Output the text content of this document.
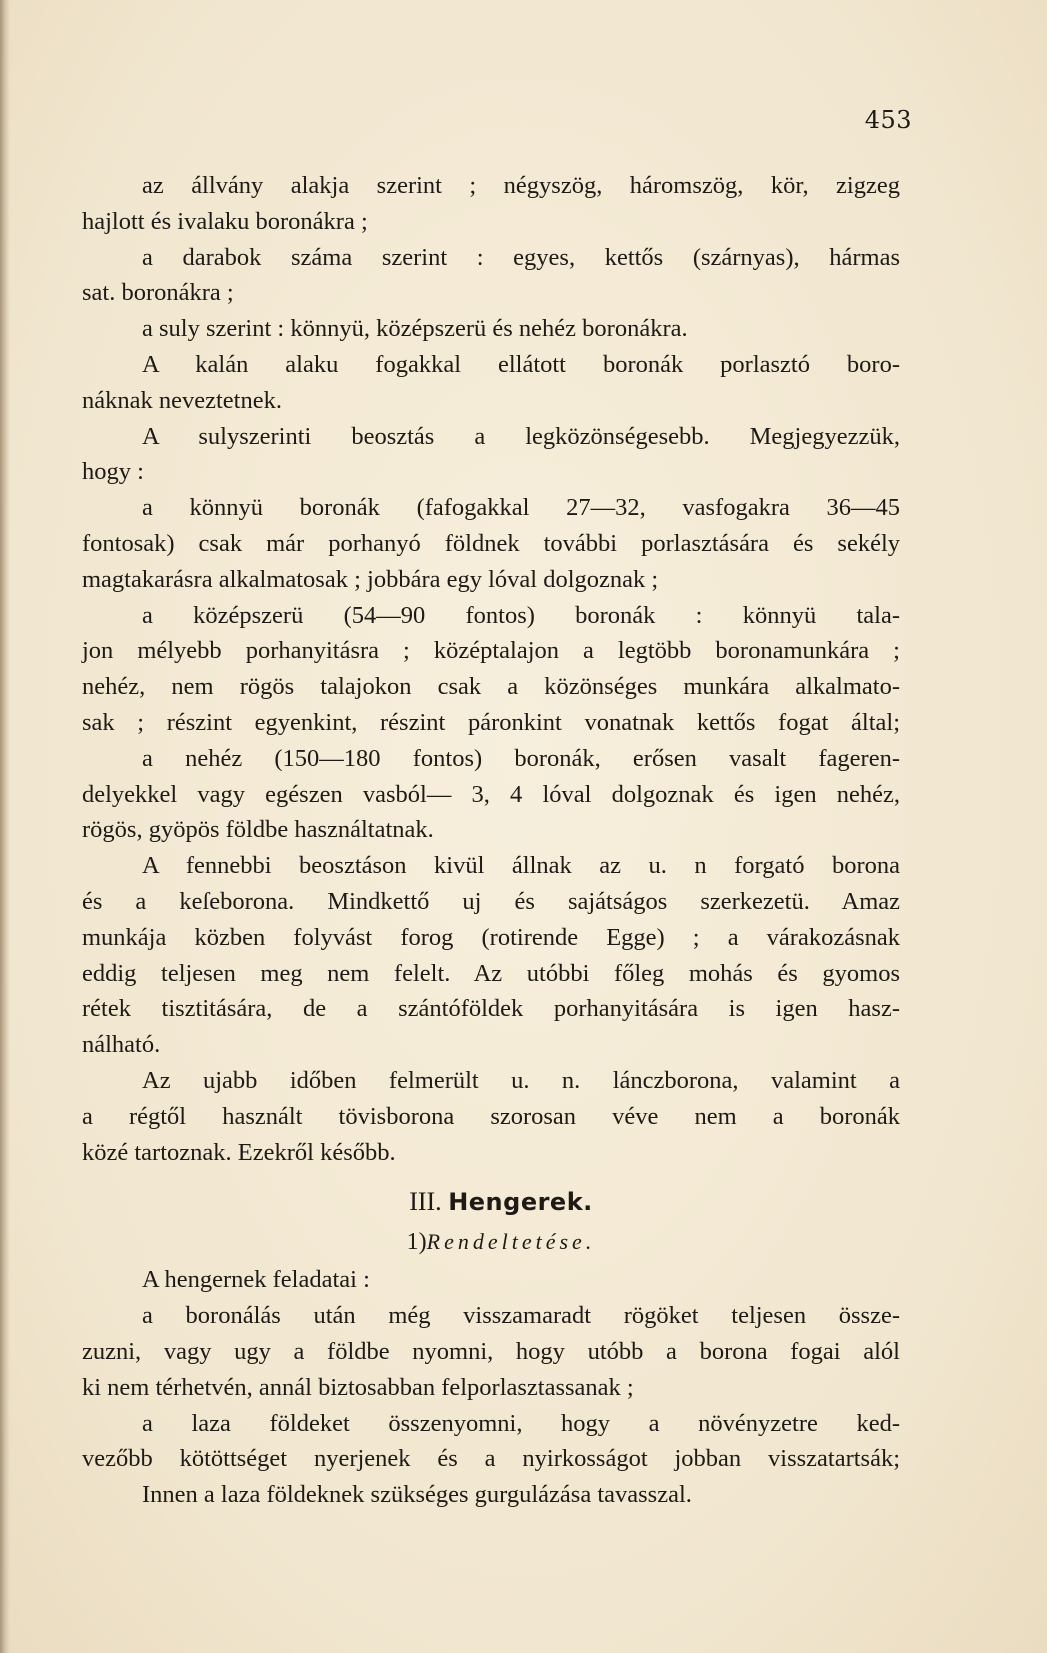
453
az állvány alakja szerint ; négyszög, háromszög, kör, zigzeg
hajlott és ivalaku boronákra ;
a darabok száma szerint : egyes, kettős (szárnyas), hármas
sat. boronákra ;
a suly szerint : könnyü, középszerü és nehéz boronákra.
A kalán alaku fogakkal ellátott boronák porlasztó boro-
náknak neveztetnek.
A sulyszerinti beosztás a legközönségesebb. Megjegyezzük,
hogy :
a könnyü boronák (fafogakkal 27—32, vasfogakra 36—45
fontosak) csak már porhanyó földnek további porlasztására és sekély
magtakarásra alkalmatosak ; jobbára egy lóval dolgoznak ;
a középszerü (54—90 fontos) boronák : könnyü tala-
jon mélyebb porhanyitásra ; középtalajon a legtöbb boronamunkára ;
nehéz, nem rögös talajokon csak a közönséges munkára alkalmato-
sak ; részint egyenkint, részint páronkint vonatnak kettős fogat által;
a nehéz (150—180 fontos) boronák, erősen vasalt fageren-
delyekkel vagy egészen vasból— 3, 4 lóval dolgoznak és igen nehéz,
rögös, gyöpös földbe használtatnak.
A fennebbi beosztáson kivül állnak az u. n forgató borona
és a keſeborona. Mindkettő uj és sajátságos szerkezetü. Amaz
munkája közben folyvást forog (rotirende Egge) ; a várakozásnak
eddig teljesen meg nem felelt. Az utóbbi főleg mohás és gyomos
rétek tisztitására, de a szántóföldek porhanyitására is igen hasz-
nálható.
Az ujabb időben felmerült u. n. lánczborona, valamint a
a régtől használt tövisborona szorosan véve nem a boronák
közé tartoznak. Ezekről később.
III. Hengerek.
1)Rendeltetése.
A hengernek feladatai :
a boronálás után még visszamaradt rögöket teljesen össze-
zuzni, vagy ugy a földbe nyomni, hogy utóbb a borona fogai alól
ki nem térhetvén, annál biztosabban felporlasztassanak ;
a laza földeket összenyomni, hogy a növényzetre ked-
vezőbb kötöttséget nyerjenek és a nyirkosságot jobban visszatartsák;
Innen a laza földeknek szükséges gurgulázása tavasszal.
